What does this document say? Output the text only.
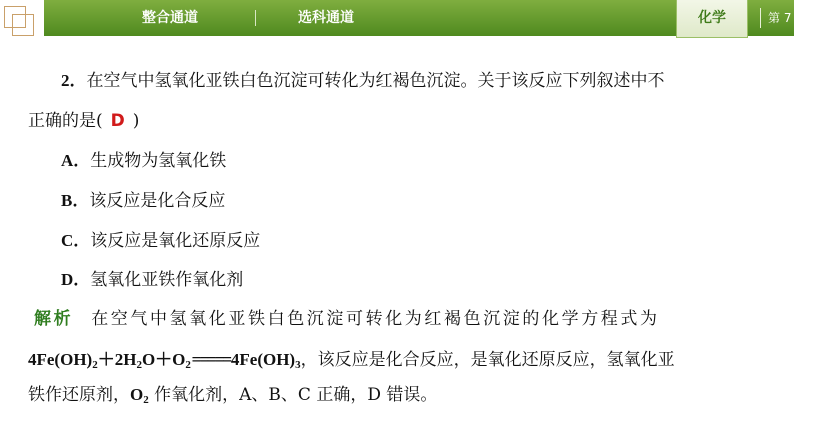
整合通道	选科通道	化学	第 7 页
2．在空气中氢氧化亚铁白色沉淀可转化为红褐色沉淀。关于该反应下列叙述中不
正确的是( D )
A．生成物为氢氧化铁
B．该反应是化合反应
C．该反应是氧化还原反应
D．氢氧化亚铁作氧化剂
解析 在空气中氢氧化亚铁白色沉淀可转化为红褐色沉淀的化学方程式为
$4Fe(OH)_2+2H_2O+O_2=====4Fe(OH)_3$，该反应是化合反应，是氧化还原反应，氢氧化亚
铁作还原剂，$O_2$ 作氧化剂，A、B、C 正确，D 错误。
